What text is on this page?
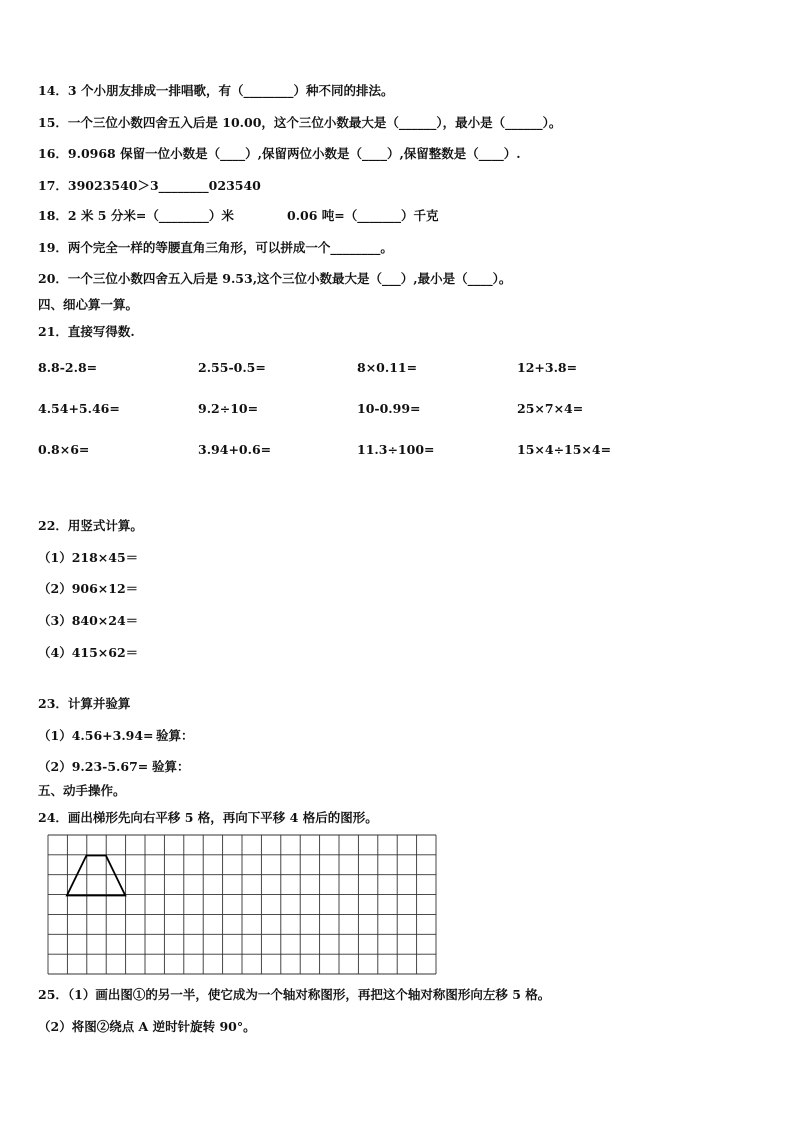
14．3 个小朋友排成一排唱歌，有（________）种不同的排法。
15．一个三位小数四舍五入后是 10.00，这个三位小数最大是（______），最小是（______）。
16．9.0968 保留一位小数是（____）,保留两位小数是（____）,保留整数是（____）.
17．39023540＞3________023540
18．2 米 5 分米=（________）米	0.06 吨=（_______）千克
19．两个完全一样的等腰直角三角形，可以拼成一个________。
20．一个三位小数四舍五入后是 9.53,这个三位小数最大是（___）,最小是（____）。
四、细心算一算。
21．直接写得数.
8.8-2.8=	2.55-0.5=	8×0.11=	12+3.8=
4.54+5.46=	9.2÷10=	10-0.99=	25×7×4=
0.8×6=	3.94+0.6=	11.3÷100=	15×4÷15×4=
22．用竖式计算。
（1）218×45＝
（2）906×12＝
（3）840×24＝
（4）415×62＝
23．计算并验算
（1）4.56+3.94= 验算：
（2）9.23-5.67= 验算：
五、动手操作。
24．画出梯形先向右平移 5 格，再向下平移 4 格后的图形。
25．（1）画出图①的另一半，使它成为一个轴对称图形，再把这个轴对称图形向左移 5 格。
（2）将图②绕点 A 逆时针旋转 90°。
